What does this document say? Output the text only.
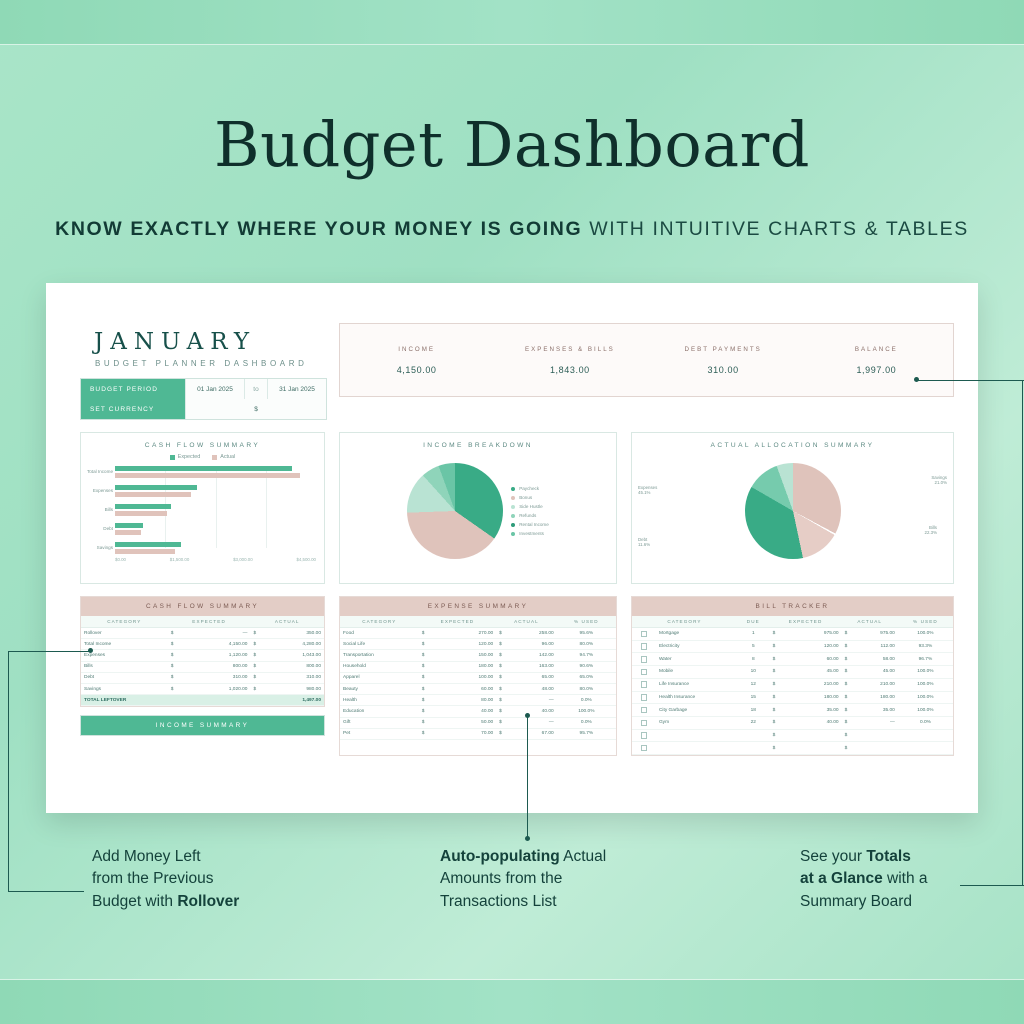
Budget Dashboard
KNOW EXACTLY WHERE YOUR MONEY IS GOING WITH INTUITIVE CHARTS & TABLES
JANUARY
BUDGET PLANNER DASHBOARD
BUDGET PERIOD	01 Jan 2025	to	31 Jan 2025
SET CURRENCY	$
INCOME
4,150.00
EXPENSES & BILLS
1,843.00
DEBT PAYMENTS
310.00
BALANCE
1,997.00
CASH FLOW SUMMARY
Expected	Actual
Total Income
Expenses
Bills
Debt
Savings
$0.00	$1,500.00	$3,000.00	$4,500.00
INCOME BREAKDOWN
Paycheck
Bonus
Side Hustle
Refunds
Rental Income
Investments
ACTUAL ALLOCATION SUMMARY
Expenses
45.1%
Savings
21.0%
Bills
22.3%
Debt
11.6%
CASH FLOW SUMMARY
CATEGORY	EXPECTED		ACTUAL	
Rollover	$	—	$	350.00
Total Income	$	4,150.00	$	4,280.00
Expenses	$	1,120.00	$	1,043.00
Bills	$	800.00	$	800.00
Debt	$	310.00	$	310.00
Savings	$	1,020.00	$	980.00
TOTAL LEFTOVER				1,497.00
INCOME SUMMARY
EXPENSE SUMMARY
CATEGORY	EXPECTED		ACTUAL		% USED
Food	$	270.00	$	258.00	95.6%
Social Life	$	120.00	$	96.00	80.0%
Transportation	$	150.00	$	142.00	94.7%
Household	$	180.00	$	163.00	90.6%
Apparel	$	100.00	$	65.00	65.0%
Beauty	$	60.00	$	48.00	80.0%
Health	$	80.00	$	—	0.0%
Education	$	40.00	$	40.00	100.0%
Gift	$	50.00	$	—	0.0%
Pet	$	70.00	$	67.00	95.7%
BILL TRACKER
CATEGORY		DUE	EXPECTED		ACTUAL		% USED
	Mortgage	1	$	975.00	$	975.00	100.0%
	Electricity	5	$	120.00	$	112.00	93.3%
	Water	8	$	60.00	$	58.00	96.7%
	Mobile	10	$	45.00	$	45.00	100.0%
	Life Insurance	12	$	210.00	$	210.00	100.0%
	Health Insurance	15	$	180.00	$	180.00	100.0%
	City Garbage	18	$	35.00	$	35.00	100.0%
	Gym	22	$	40.00	$	—	0.0%
			$		$		
			$		$		
Add Money Left
from the Previous
Budget with Rollover
Auto-populating Actual
Amounts from the
Transactions List
See your Totals
at a Glance with a
Summary Board
